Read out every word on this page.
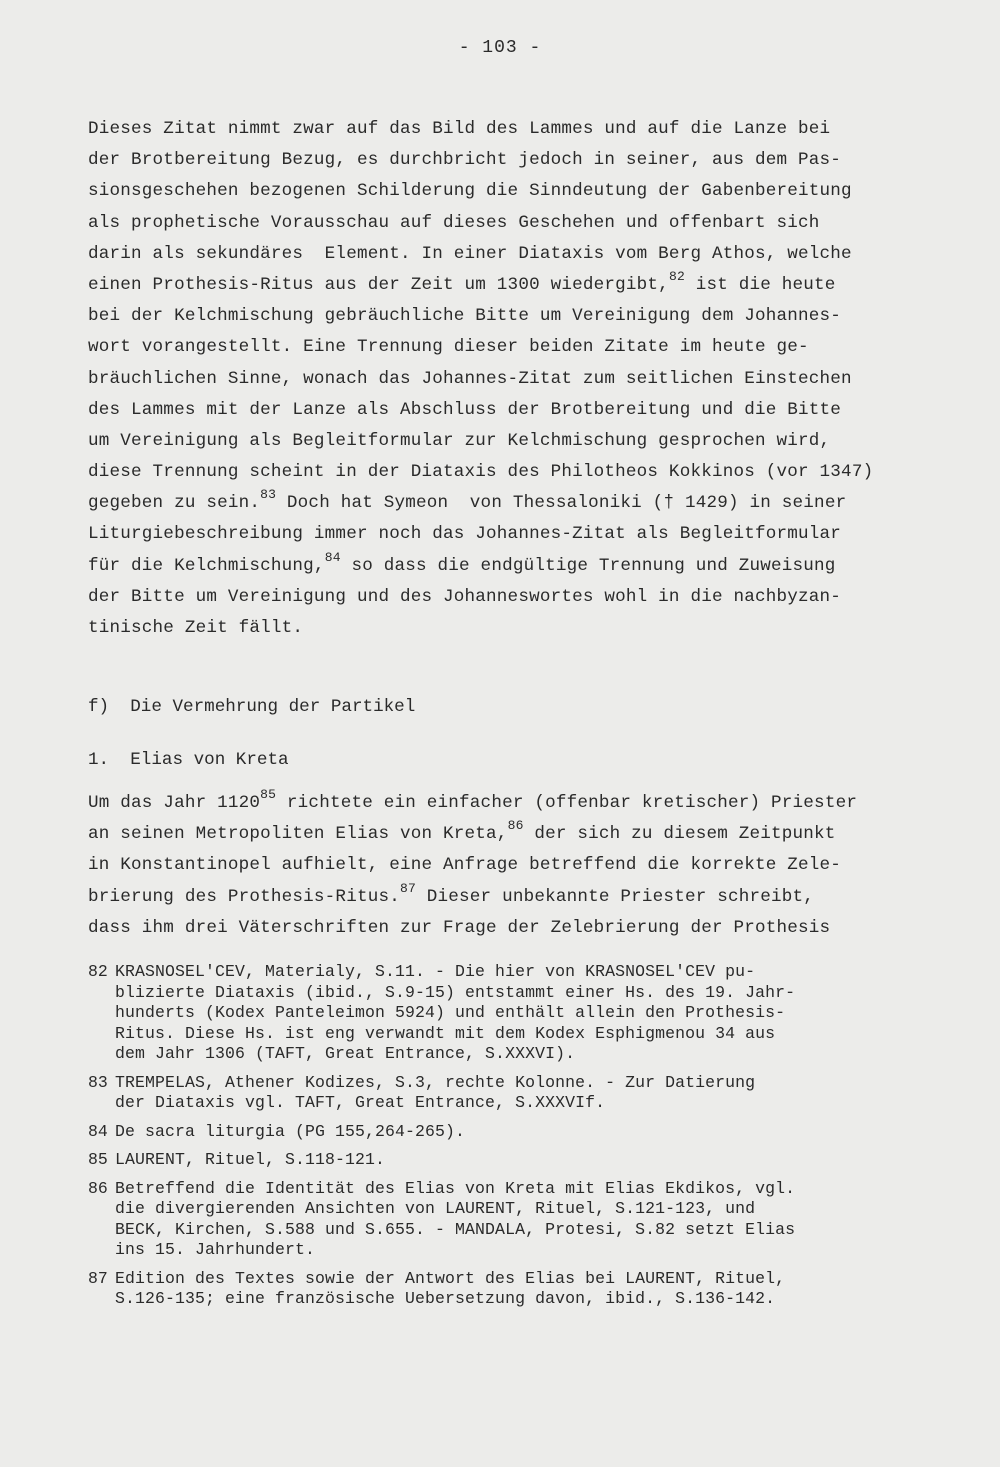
- 103 -
Dieses Zitat nimmt zwar auf das Bild des Lammes und auf die Lanze bei
der Brotbereitung Bezug, es durchbricht jedoch in seiner, aus dem Pas-
sionsgeschehen bezogenen Schilderung die Sinndeutung der Gabenbereitung
als prophetische Vorausschau auf dieses Geschehen und offenbart sich
darin als sekundäres  Element. In einer Diataxis vom Berg Athos, welche
einen Prothesis-Ritus aus der Zeit um 1300 wiedergibt,$^{82}$ ist die heute
bei der Kelchmischung gebräuchliche Bitte um Vereinigung dem Johannes-
wort vorangestellt. Eine Trennung dieser beiden Zitate im heute ge-
bräuchlichen Sinne, wonach das Johannes-Zitat zum seitlichen Einstechen
des Lammes mit der Lanze als Abschluss der Brotbereitung und die Bitte
um Vereinigung als Begleitformular zur Kelchmischung gesprochen wird,
diese Trennung scheint in der Diataxis des Philotheos Kokkinos (vor 1347)
gegeben zu sein.$^{83}$ Doch hat Symeon  von Thessaloniki († 1429) in seiner
Liturgiebeschreibung immer noch das Johannes-Zitat als Begleitformular
für die Kelchmischung,$^{84}$ so dass die endgültige Trennung und Zuweisung
der Bitte um Vereinigung und des Johanneswortes wohl in die nachbyzan-
tinische Zeit fällt.
f)  Die Vermehrung der Partikel
1.  Elias von Kreta
Um das Jahr 1120$^{85}$ richtete ein einfacher (offenbar kretischer) Priester
an seinen Metropoliten Elias von Kreta,$^{86}$ der sich zu diesem Zeitpunkt
in Konstantinopel aufhielt, eine Anfrage betreffend die korrekte Zele-
brierung des Prothesis-Ritus.$^{87}$ Dieser unbekannte Priester schreibt,
dass ihm drei Väterschriften zur Frage der Zelebrierung der Prothesis
82 KRASNOSEL'CEV, Materialy, S.11. - Die hier von KRASNOSEL'CEV pu-
blizierte Diataxis (ibid., S.9-15) entstammt einer Hs. des 19. Jahr-
hunderts (Kodex Panteleimon 5924) und enthält allein den Prothesis-
Ritus. Diese Hs. ist eng verwandt mit dem Kodex Esphigmenou 34 aus
dem Jahr 1306 (TAFT, Great Entrance, S.XXXVI).
83 TREMPELAS, Athener Kodizes, S.3, rechte Kolonne. - Zur Datierung
der Diataxis vgl. TAFT, Great Entrance, S.XXXVIf.
84 De sacra liturgia (PG 155,264-265).
85 LAURENT, Rituel, S.118-121.
86 Betreffend die Identität des Elias von Kreta mit Elias Ekdikos, vgl.
die divergierenden Ansichten von LAURENT, Rituel, S.121-123, und
BECK, Kirchen, S.588 und S.655. - MANDALA, Protesi, S.82 setzt Elias
ins 15. Jahrhundert.
87 Edition des Textes sowie der Antwort des Elias bei LAURENT, Rituel,
S.126-135; eine französische Uebersetzung davon, ibid., S.136-142.
